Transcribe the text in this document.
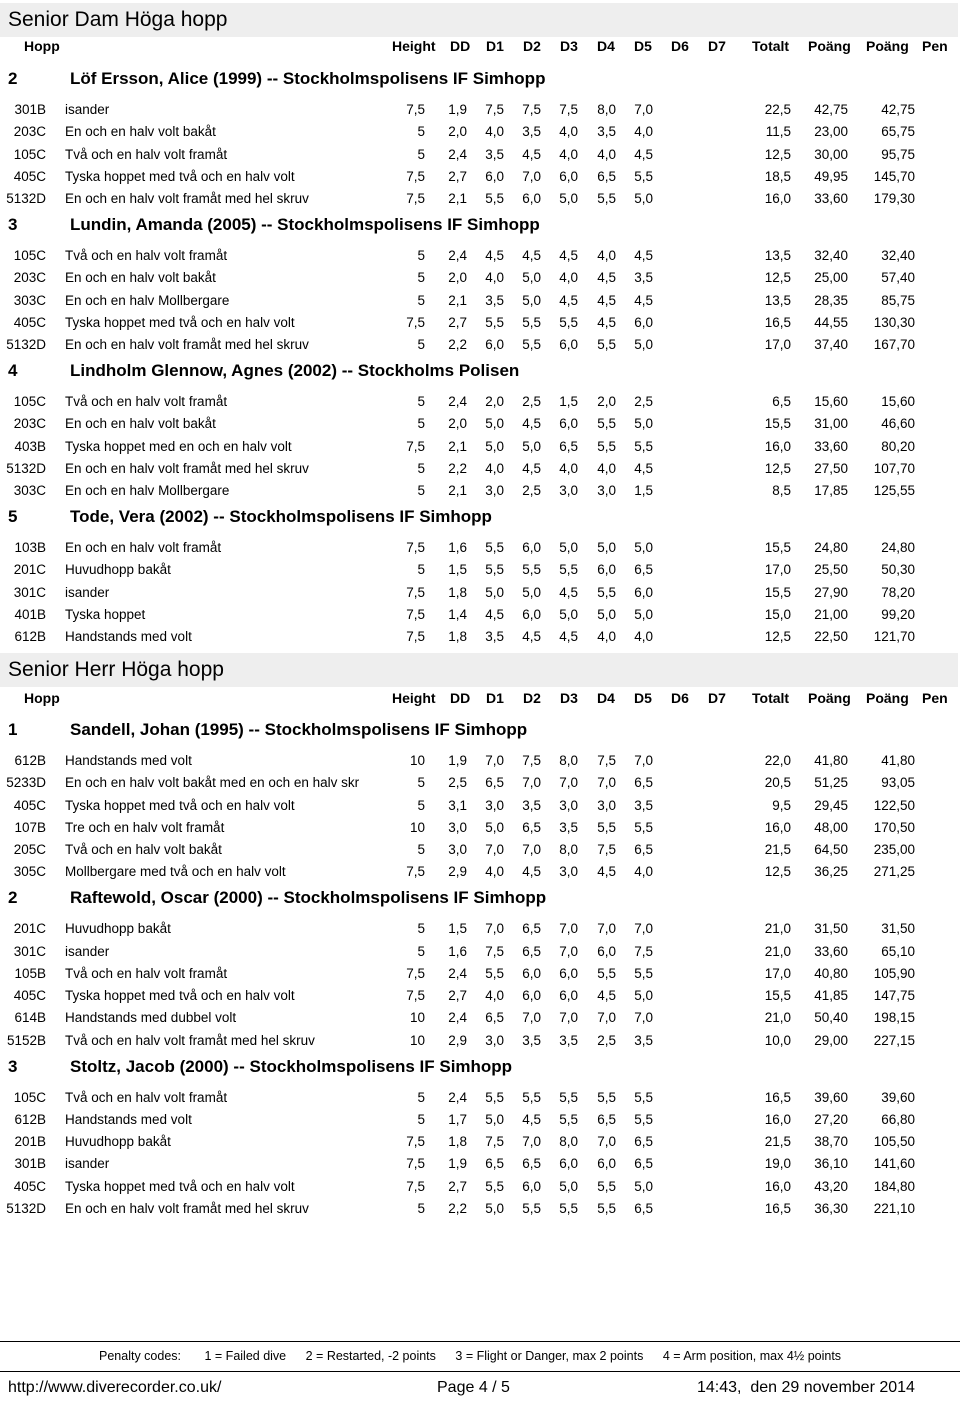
Senior Dam Höga hopp
Hopp	Height DD D1 D2 D3 D4 D5 D6 D7 Totalt Poäng Poäng Pen
Senior Herr Höga hopp
Hopp	Height DD D1 D2 D3 D4 D5 D6 D7 Totalt Poäng Poäng Pen
2	Löf Ersson, Alice (1999) -- Stockholmspolisens IF Simhopp
301B isander	7,5	1,9	7,5	7,5	7,5	8,0	7,0	22,5	42,75	42,75
203C En och en halv volt bakåt	5	2,0	4,0	3,5	4,0	3,5	4,0	11,5	23,00	65,75
105C Två och en halv volt framåt	5	2,4	3,5	4,5	4,0	4,0	4,5	12,5	30,00	95,75
405C Tyska hoppet med två och en halv volt	7,5	2,7	6,0	7,0	6,0	6,5	5,5	18,5	49,95	145,70
5132D En och en halv volt framåt med hel skruv	7,5	2,1	5,5	6,0	5,0	5,5	5,0	16,0	33,60	179,30
3	Lundin, Amanda (2005) -- Stockholmspolisens IF Simhopp
105C Två och en halv volt framåt	5	2,4	4,5	4,5	4,5	4,0	4,5	13,5	32,40	32,40
203C En och en halv volt bakåt	5	2,0	4,0	5,0	4,0	4,5	3,5	12,5	25,00	57,40
303C En och en halv Mollbergare	5	2,1	3,5	5,0	4,5	4,5	4,5	13,5	28,35	85,75
405C Tyska hoppet med två och en halv volt	7,5	2,7	5,5	5,5	5,5	4,5	6,0	16,5	44,55	130,30
5132D En och en halv volt framåt med hel skruv	5	2,2	6,0	5,5	6,0	5,5	5,0	17,0	37,40	167,70
4	Lindholm Glennow, Agnes (2002) -- Stockholms Polisen
105C Två och en halv volt framåt	5	2,4	2,0	2,5	1,5	2,0	2,5	6,5	15,60	15,60
203C En och en halv volt bakåt	5	2,0	5,0	4,5	6,0	5,5	5,0	15,5	31,00	46,60
403B Tyska hoppet med en och en halv volt	7,5	2,1	5,0	5,0	6,5	5,5	5,5	16,0	33,60	80,20
5132D En och en halv volt framåt med hel skruv	5	2,2	4,0	4,5	4,0	4,0	4,5	12,5	27,50	107,70
303C En och en halv Mollbergare	5	2,1	3,0	2,5	3,0	3,0	1,5	8,5	17,85	125,55
5	Tode, Vera (2002) -- Stockholmspolisens IF Simhopp
103B En och en halv volt framåt	7,5	1,6	5,5	6,0	5,0	5,0	5,0	15,5	24,80	24,80
201C Huvudhopp bakåt	5	1,5	5,5	5,5	5,5	6,0	6,5	17,0	25,50	50,30
301C isander	7,5	1,8	5,0	5,0	4,5	5,5	6,0	15,5	27,90	78,20
401B Tyska hoppet	7,5	1,4	4,5	6,0	5,0	5,0	5,0	15,0	21,00	99,20
612B Handstands med volt	7,5	1,8	3,5	4,5	4,5	4,0	4,0	12,5	22,50	121,70
1	Sandell, Johan (1995) -- Stockholmspolisens IF Simhopp
612B Handstands med volt	10	1,9	7,0	7,5	8,0	7,5	7,0	22,0	41,80	41,80
5233D En och en halv volt bakåt med en och en halv skr	5	2,5	6,5	7,0	7,0	7,0	6,5	20,5	51,25	93,05
405C Tyska hoppet med två och en halv volt	5	3,1	3,0	3,5	3,0	3,0	3,5	9,5	29,45	122,50
107B Tre och en halv volt framåt	10	3,0	5,0	6,5	3,5	5,5	5,5	16,0	48,00	170,50
205C Två och en halv volt bakåt	5	3,0	7,0	7,0	8,0	7,5	6,5	21,5	64,50	235,00
305C Mollbergare med två och en halv volt	7,5	2,9	4,0	4,5	3,0	4,5	4,0	12,5	36,25	271,25
2	Raftewold, Oscar (2000) -- Stockholmspolisens IF Simhopp
201C Huvudhopp bakåt	5	1,5	7,0	6,5	7,0	7,0	7,0	21,0	31,50	31,50
301C isander	5	1,6	7,5	6,5	7,0	6,0	7,5	21,0	33,60	65,10
105B Två och en halv volt framåt	7,5	2,4	5,5	6,0	6,0	5,5	5,5	17,0	40,80	105,90
405C Tyska hoppet med två och en halv volt	7,5	2,7	4,0	6,0	6,0	4,5	5,0	15,5	41,85	147,75
614B Handstands med dubbel volt	10	2,4	6,5	7,0	7,0	7,0	7,0	21,0	50,40	198,15
5152B Två och en halv volt framåt med hel skruv	10	2,9	3,0	3,5	3,5	2,5	3,5	10,0	29,00	227,15
3	Stoltz, Jacob (2000) -- Stockholmspolisens IF Simhopp
105C Två och en halv volt framåt	5	2,4	5,5	5,5	5,5	5,5	5,5	16,5	39,60	39,60
612B Handstands med volt	5	1,7	5,0	4,5	5,5	6,5	5,5	16,0	27,20	66,80
201B Huvudhopp bakåt	7,5	1,8	7,5	7,0	8,0	7,0	6,5	21,5	38,70	105,50
301B isander	7,5	1,9	6,5	6,5	6,0	6,0	6,5	19,0	36,10	141,60
405C Tyska hoppet med två och en halv volt	7,5	2,7	5,5	6,0	5,0	5,5	5,0	16,0	43,20	184,80
5132D En och en halv volt framåt med hel skruv	5	2,2	5,0	5,5	5,5	5,5	6,5	16,5	36,30	221,10
Penalty codes: 1 = Failed dive 2 = Restarted, -2 points 3 = Flight or Danger, max 2 points 4 = Arm position, max 4½ points
http://www.diverecorder.co.uk/	Page 4 / 5	14:43,  den 29 november 2014
